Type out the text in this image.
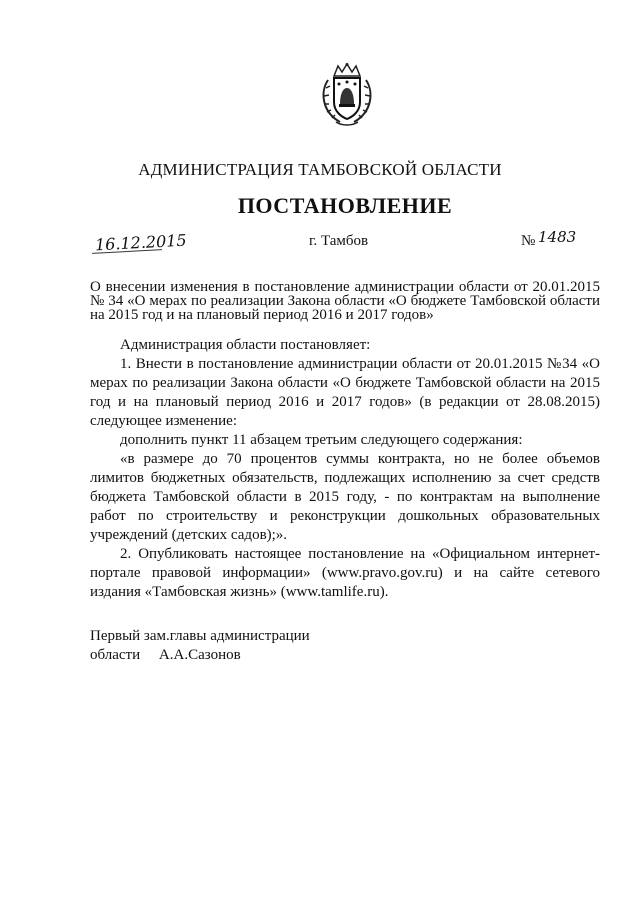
АДМИНИСТРАЦИЯ ТАМБОВСКОЙ ОБЛАСТИ
ПОСТАНОВЛЕНИЕ
16.12.2015	г. Тамбов	№ 1483
О внесении изменения в постановление администрации области от 20.01.2015 № 34 «О мерах по реализации Закона области «О бюджете Тамбовской области на 2015 год и на плановый период 2016 и 2017 годов»

Администрация области постановляет:

1. Внести в постановление администрации области от 20.01.2015 №34 «О мерах по реализации Закона области «О бюджете Тамбовской области на 2015 год и на плановый период 2016 и 2017 годов» (в редакции от 28.08.2015) следующее изменение:

дополнить пункт 11 абзацем третьим следующего содержания:

«в размере до 70 процентов суммы контракта, но не более объемов лимитов бюджетных обязательств, подлежащих исполнению за счет средств бюджета Тамбовской области в 2015 году, - по контрактам на выполнение работ по строительству и реконструкции дошкольных образовательных учреждений (детских садов);».

2. Опубликовать настоящее постановление на «Официальном интернет-портале правовой информации» (www.pravo.gov.ru) и на сайте сетевого издания «Тамбовская жизнь» (www.tamlife.ru).

Первый зам.главы администрации
области А.А.Сазонов
